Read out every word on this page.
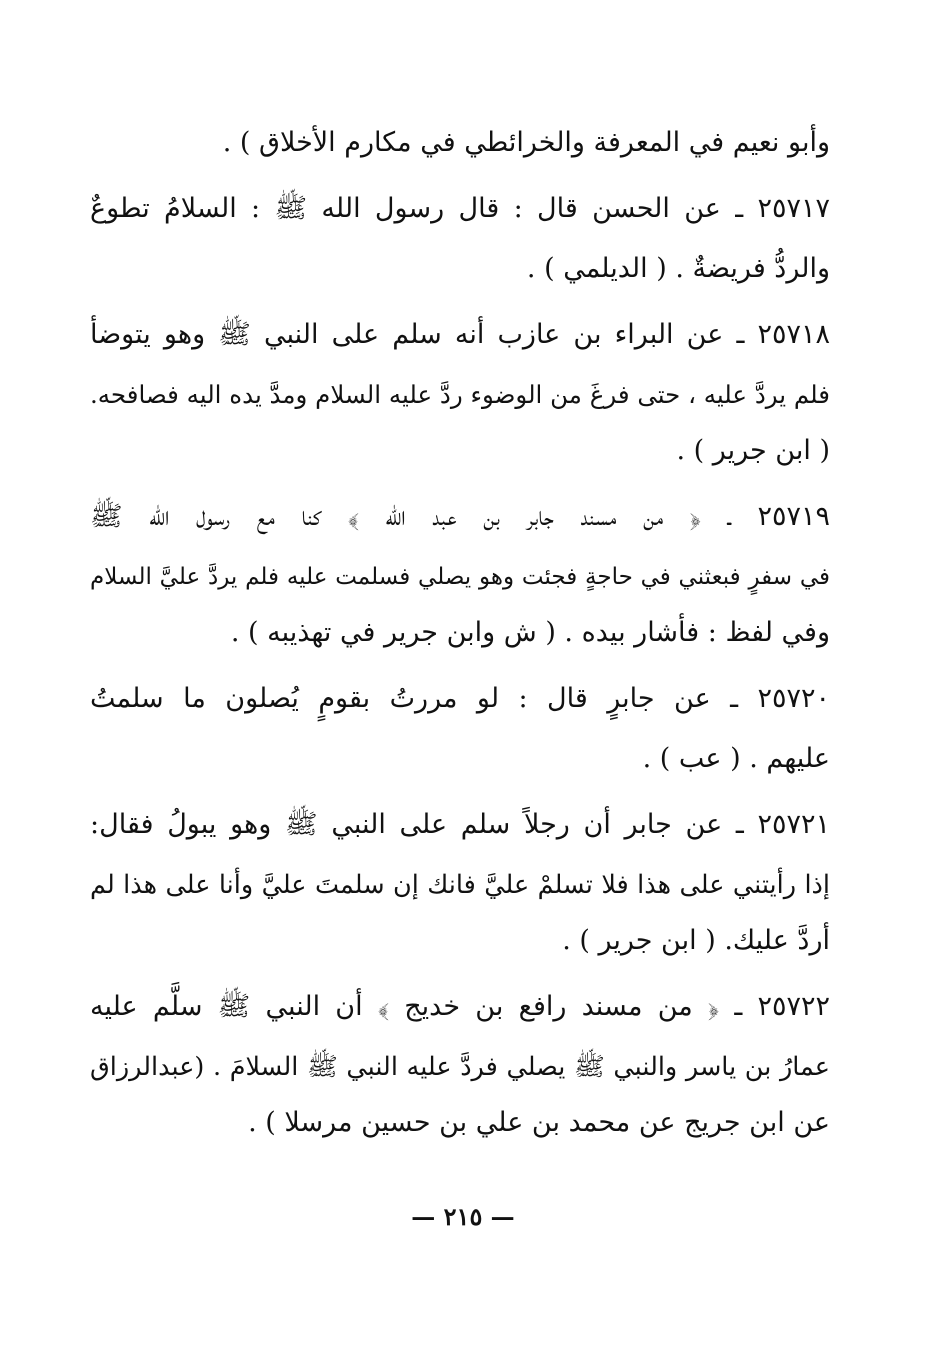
وأبو نعيم في المعرفة والخرائطي في مكارم الأخلاق ) .
٢٥٧١٧ ـ عن الحسن قال : قال رسول الله ﷺ : السلامُ تطوعٌ
والردُّ فريضةٌ . ( الديلمي ) .
٢٥٧١٨ ـ عن البراء بن عازب أنه سلم على النبي ﷺ وهو يتوضأ
فلم يردَّ عليه ، حتى فرغَ من الوضوء ردَّ عليه السلام ومدَّ يده اليه فصافحه.
( ابن جرير ) .
٢٥٧١٩ ـ ﴿ من مسند جابر بن عبد الله ﴾ كنا مع رسول الله ﷺ
في سفرٍ فبعثني في حاجةٍ فجئت وهو يصلي فسلمت عليه فلم يردَّ عليَّ السلام
وفي لفظ : فأشار بيده . ( ش وابن جرير في تهذيبه ) .
٢٥٧٢٠ ـ عن جابرٍ قال : لو مررتُ بقومٍ يُصلون ما سلمتُ
عليهم . ( عب ) .
٢٥٧٢١ ـ عن جابر أن رجلاً سلم على النبي ﷺ وهو يبولُ فقال:
إذا رأيتني على هذا فلا تسلمْ عليَّ فانك إن سلمتَ عليَّ وأنا على هذا لم
أردَّ عليك. ( ابن جرير ) .
٢٥٧٢٢ ـ ﴿ من مسند رافع بن خديج ﴾ أن النبي ﷺ سلَّم عليه
عمارُ بن ياسر والنبي ﷺ يصلي فردَّ عليه النبي ﷺ السلامَ . (عبدالرزاق
عن ابن جريج عن محمد بن علي بن حسين مرسلا ) .
— ٢١٥ —
